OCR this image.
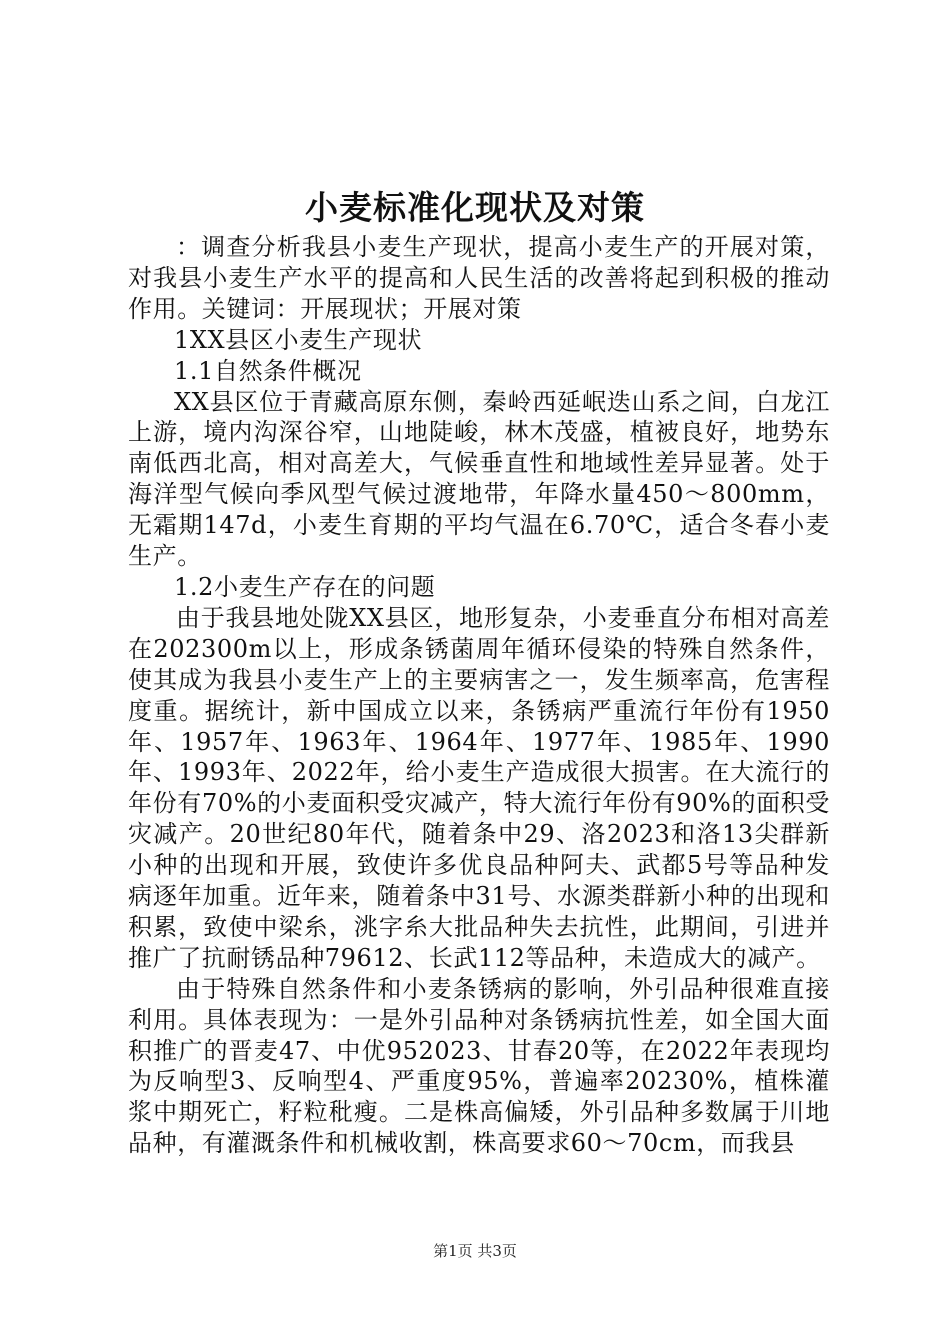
小麦标准化现状及对策

：调查分析我县小麦生产现状，提高小麦生产的开展对策，对我县小麦生产水平的提高和人民生活的改善将起到积极的推动作用。关键词：开展现状；开展对策

1XX县区小麦生产现状

1.1自然条件概况

XX县区位于青藏高原东侧，秦岭西延岷迭山系之间，白龙江上游，境内沟深谷窄，山地陡峻，林木茂盛，植被良好，地势东南低西北高，相对高差大，气候垂直性和地域性差异显著。处于海洋型气候向季风型气候过渡地带，年降水量450～800mm，无霜期147d，小麦生育期的平均气温在6.70℃，适合冬春小麦生产。

1.2小麦生产存在的问题

由于我县地处陇XX县区，地形复杂，小麦垂直分布相对高差在202300m以上，形成条锈菌周年循环侵染的特殊自然条件，使其成为我县小麦生产上的主要病害之一，发生频率高，危害程度重。据统计，新中国成立以来，条锈病严重流行年份有1950年、1957年、1963年、1964年、1977年、1985年、1990年、1993年、2022年，给小麦生产造成很大损害。在大流行的年份有70%的小麦面积受灾减产，特大流行年份有90%的面积受灾减产。20世纪80年代，随着条中29、洛2023和洛13尖群新小种的出现和开展，致使许多优良品种阿夫、武都5号等品种发病逐年加重。近年来，随着条中31号、水源类群新小种的出现和积累，致使中梁糸，洮字糸大批品种失去抗性，此期间，引进并推广了抗耐锈品种79612、长武112等品种，未造成大的减产。

由于特殊自然条件和小麦条锈病的影响，外引品种很难直接利用。具体表现为：一是外引品种对条锈病抗性差，如全国大面积推广的晋麦47、中优952023、甘春20等，在2022年表现均为反响型3、反响型4、严重度95%，普遍率20230%，植株灌浆中期死亡，籽粒秕瘦。二是株高偏矮，外引品种多数属于川地品种，有灌溉条件和机械收割，株高要求60～70cm，而我县

第1页 共3页
